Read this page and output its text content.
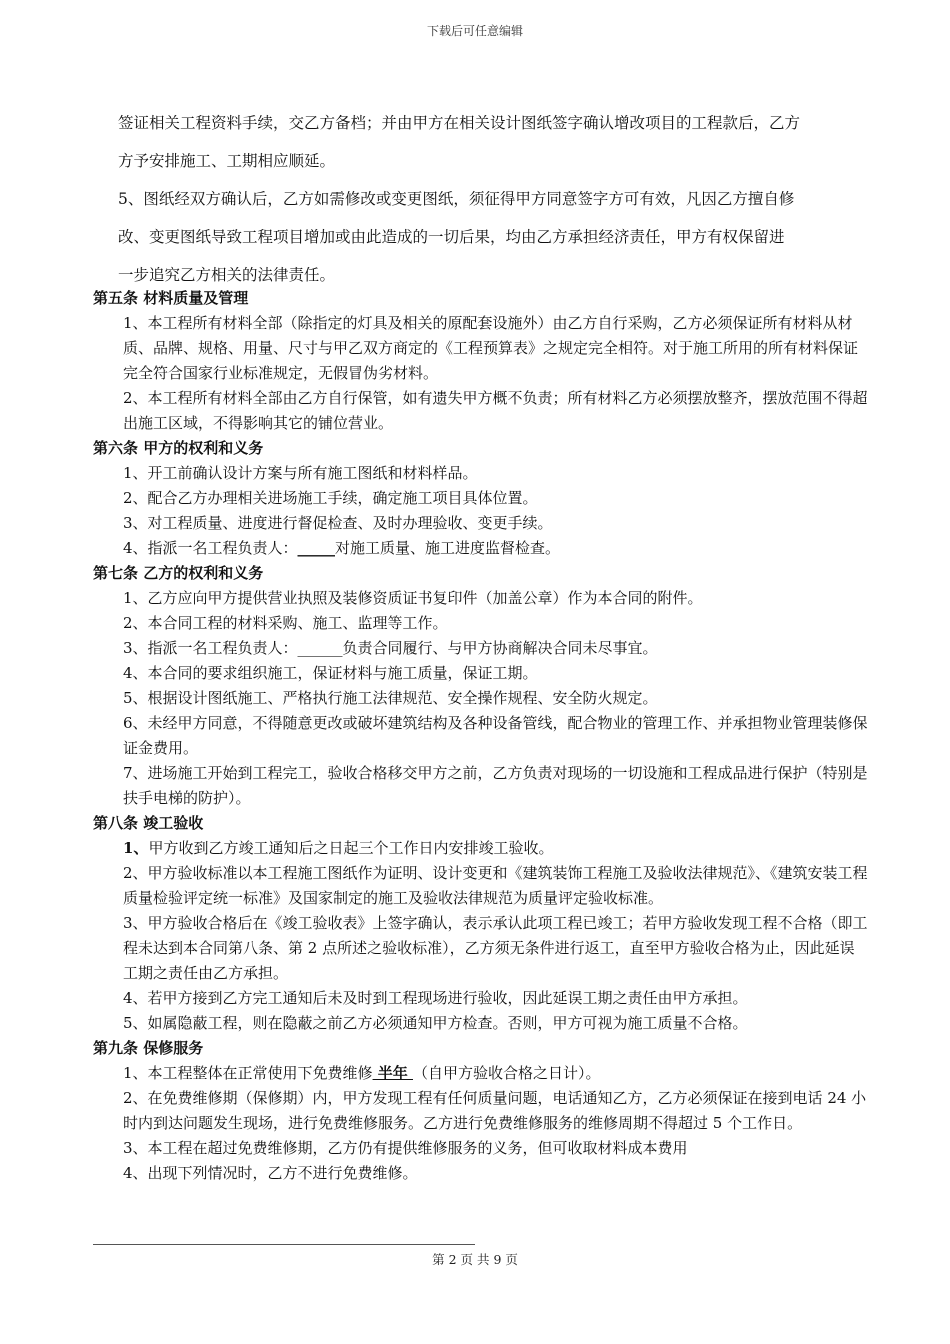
下载后可任意编辑

签证相关工程资料手续，交乙方备档；并由甲方在相关设计图纸签字确认增改项目的工程款后，乙方

方予安排施工、工期相应顺延。

5、图纸经双方确认后，乙方如需修改或变更图纸，须征得甲方同意签字方可有效，凡因乙方擅自修

改、变更图纸导致工程项目增加或由此造成的一切后果，均由乙方承担经济责任，甲方有权保留进

一步追究乙方相关的法律责任。

第五条 材料质量及管理

1、本工程所有材料全部（除指定的灯具及相关的原配套设施外）由乙方自行采购，乙方必须保证所有材料从材质、品牌、规格、用量、尺寸与甲乙双方商定的《工程预算表》之规定完全相符。对于施工所用的所有材料保证完全符合国家行业标准规定，无假冒伪劣材料。

2、本工程所有材料全部由乙方自行保管，如有遗失甲方概不负责；所有材料乙方必须摆放整齐，摆放范围不得超出施工区域，不得影响其它的铺位营业。

第六条 甲方的权利和义务

1、开工前确认设计方案与所有施工图纸和材料样品。

2、配合乙方办理相关进场施工手续，确定施工项目具体位置。

3、对工程质量、进度进行督促检查、及时办理验收、变更手续。

4、指派一名工程负责人：_____对施工质量、施工进度监督检查。

第七条 乙方的权利和义务

1、乙方应向甲方提供营业执照及装修资质证书复印件（加盖公章）作为本合同的附件。

2、本合同工程的材料采购、施工、监理等工作。

3、指派一名工程负责人：______负责合同履行、与甲方协商解决合同未尽事宜。

4、本合同的要求组织施工，保证材料与施工质量，保证工期。

5、根据设计图纸施工、严格执行施工法律规范、安全操作规程、安全防火规定。

6、未经甲方同意，不得随意更改或破坏建筑结构及各种设备管线，配合物业的管理工作、并承担物业管理装修保证金费用。

7、进场施工开始到工程完工，验收合格移交甲方之前，乙方负责对现场的一切设施和工程成品进行保护（特别是扶手电梯的防护）。

第八条 竣工验收

1、甲方收到乙方竣工通知后之日起三个工作日内安排竣工验收。

2、甲方验收标准以本工程施工图纸作为证明、设计变更和《建筑装饰工程施工及验收法律规范》、《建筑安装工程质量检验评定统一标准》及国家制定的施工及验收法律规范为质量评定验收标准。

3、甲方验收合格后在《竣工验收表》上签字确认，表示承认此项工程已竣工；若甲方验收发现工程不合格（即工程未达到本合同第八条、第 2 点所述之验收标准），乙方须无条件进行返工，直至甲方验收合格为止，因此延误工期之责任由乙方承担。

4、若甲方接到乙方完工通知后未及时到工程现场进行验收，因此延误工期之责任由甲方承担。

5、如属隐蔽工程，则在隐蔽之前乙方必须通知甲方检查。否则，甲方可视为施工质量不合格。

第九条 保修服务

1、本工程整体在正常使用下免费维修 半年 （自甲方验收合格之日计）。

2、在免费维修期（保修期）内，甲方发现工程有任何质量问题，电话通知乙方，乙方必须保证在接到电话 24 小时内到达问题发生现场，进行免费维修服务。乙方进行免费维修服务的维修周期不得超过 5 个工作日。

3、本工程在超过免费维修期，乙方仍有提供维修服务的义务，但可收取材料成本费用

4、出现下列情况时，乙方不进行免费维修。

第 2 页 共 9 页
